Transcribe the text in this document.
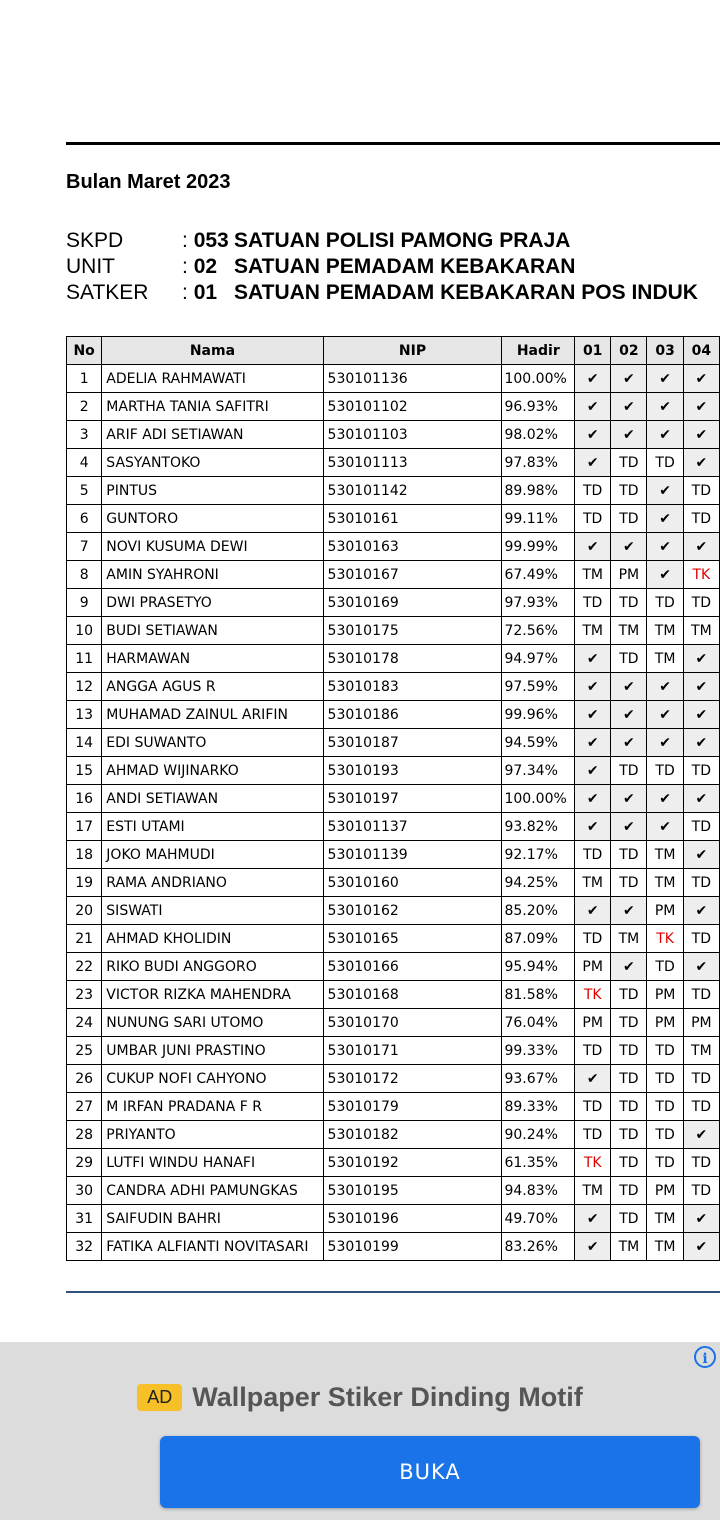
Bulan Maret 2023
SKPD	: 053 SATUAN POLISI PAMONG PRAJA
UNIT	: 02 SATUAN PEMADAM KEBAKARAN
SATKER	: 01 SATUAN PEMADAM KEBAKARAN POS INDUK
No	Nama	NIP	Hadir	01	02	03	04
1	ADELIA RAHMAWATI	530101136	100.00%	✔	✔	✔	✔
2	MARTHA TANIA SAFITRI	530101102	96.93%	✔	✔	✔	✔
3	ARIF ADI SETIAWAN	530101103	98.02%	✔	✔	✔	✔
4	SASYANTOKO	530101113	97.83%	✔	TD	TD	✔
5	PINTUS	530101142	89.98%	TD	TD	✔	TD
6	GUNTORO	53010161	99.11%	TD	TD	✔	TD
7	NOVI KUSUMA DEWI	53010163	99.99%	✔	✔	✔	✔
8	AMIN SYAHRONI	53010167	67.49%	TM	PM	✔	TK
9	DWI PRASETYO	53010169	97.93%	TD	TD	TD	TD
10	BUDI SETIAWAN	53010175	72.56%	TM	TM	TM	TM
11	HARMAWAN	53010178	94.97%	✔	TD	TM	✔
12	ANGGA AGUS R	53010183	97.59%	✔	✔	✔	✔
13	MUHAMAD ZAINUL ARIFIN	53010186	99.96%	✔	✔	✔	✔
14	EDI SUWANTO	53010187	94.59%	✔	✔	✔	✔
15	AHMAD WIJINARKO	53010193	97.34%	✔	TD	TD	TD
16	ANDI SETIAWAN	53010197	100.00%	✔	✔	✔	✔
17	ESTI UTAMI	530101137	93.82%	✔	✔	✔	TD
18	JOKO MAHMUDI	530101139	92.17%	TD	TD	TM	✔
19	RAMA ANDRIANO	53010160	94.25%	TM	TD	TM	TD
20	SISWATI	53010162	85.20%	✔	✔	PM	✔
21	AHMAD KHOLIDIN	53010165	87.09%	TD	TM	TK	TD
22	RIKO BUDI ANGGORO	53010166	95.94%	PM	✔	TD	✔
23	VICTOR RIZKA MAHENDRA	53010168	81.58%	TK	TD	PM	TD
24	NUNUNG SARI UTOMO	53010170	76.04%	PM	TD	PM	PM
25	UMBAR JUNI PRASTINO	53010171	99.33%	TD	TD	TD	TM
26	CUKUP NOFI CAHYONO	53010172	93.67%	✔	TD	TD	TD
27	M IRFAN PRADANA F R	53010179	89.33%	TD	TD	TD	TD
28	PRIYANTO	53010182	90.24%	TD	TD	TD	✔
29	LUTFI WINDU HANAFI	53010192	61.35%	TK	TD	TD	TD
30	CANDRA ADHI PAMUNGKAS	53010195	94.83%	TM	TD	PM	TD
31	SAIFUDIN BAHRI	53010196	49.70%	✔	TD	TM	✔
32	FATIKA ALFIANTI NOVITASARI	53010199	83.26%	✔	TM	TM	✔
i
AD Wallpaper Stiker Dinding Motif
BUKA
